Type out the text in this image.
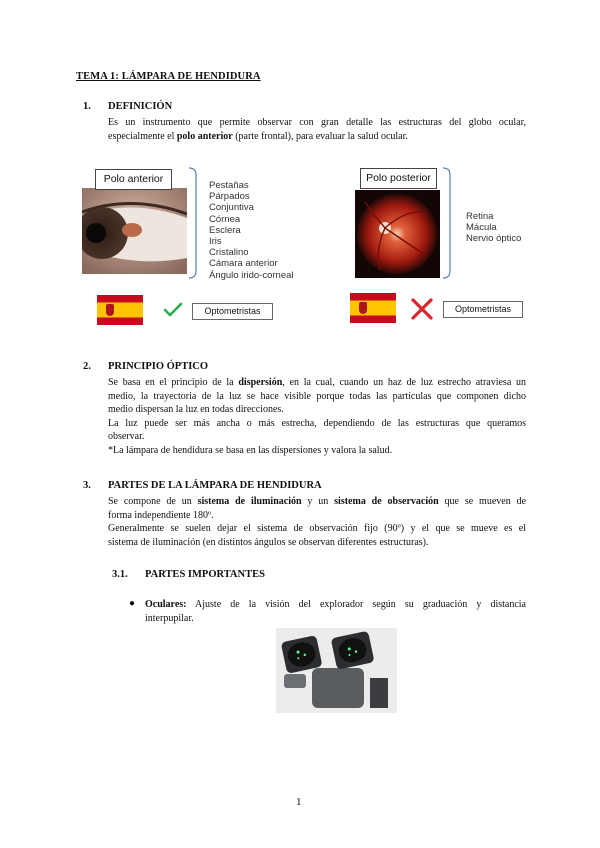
TEMA 1: LÁMPARA DE HENDIDURA
1. DEFINICIÓN
Es un instrumento que permite observar con gran detalle las estructuras del globo ocular,
especialmente el polo anterior (parte frontal), para evaluar la salud ocular.
Polo anterior
Pestañas
Párpados
Conjuntiva
Córnea
Esclera
Iris
Cristalino
Cámara anterior
Ángulo irido-corneal
Polo posterior
Retina
Mácula
Nervio óptico
Optometristas	Optometristas
2. PRINCIPIO ÓPTICO
Se basa en el principio de la dispersión, en la cual, cuando un haz de luz estrecho atraviesa un
medio, la trayectoria de la luz se hace visible porque todas las partículas que componen dicho
medio dispersan la luz en todas direcciones.
La luz puede ser más ancha o más estrecha, dependiendo de las estructuras que queramos
observar.
*La lámpara de hendidura se basa en las dispersiones y valora la salud.
3. PARTES DE LA LÁMPARA DE HENDIDURA
Se compone de un sistema de iluminación y un sistema de observación que se mueven de
forma independiente 180º.
Generalmente se suelen dejar el sistema de observación fijo (90º) y el que se mueve es el
sistema de iluminación (en distintos ángulos se observan diferentes estructuras).
3.1. PARTES IMPORTANTES
● Oculares: Ajuste de la visión del explorador según su graduación y distancia
interpupilar.
1
